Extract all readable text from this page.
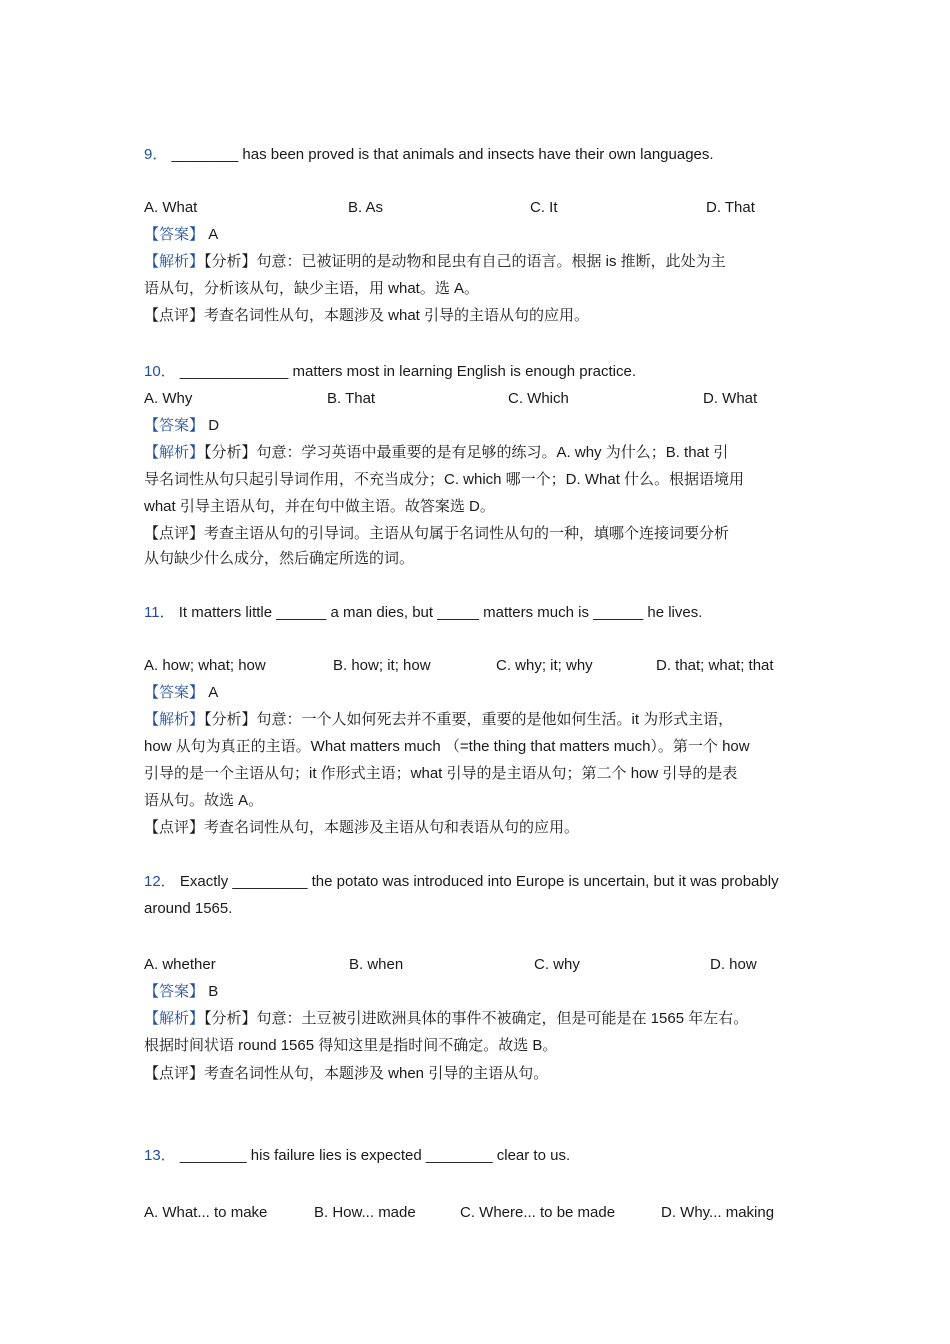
9． ________ has been proved is that animals and insects have their own languages.
A. What	B. As	C. It	D. That
【答案】 A
【解析】【分析】句意：已被证明的是动物和昆虫有自己的语言。根据 is 推断，此处为主
语从句，分析该从句，缺少主语，用 what。选 A。
【点评】考查名词性从句，本题涉及 what 引导的主语从句的应用。
10． _____________ matters most in learning English is enough practice.
A. Why	B. That	C. Which	D. What
【答案】 D
【解析】【分析】句意：学习英语中最重要的是有足够的练习。A. why 为什么；B. that 引
导名词性从句只起引导词作用，不充当成分；C. which 哪一个；D. What 什么。根据语境用
what 引导主语从句，并在句中做主语。故答案选 D。
【点评】考查主语从句的引导词。主语从句属于名词性从句的一种，填哪个连接词要分析
从句缺少什么成分，然后确定所选的词。
11． It matters little ______ a man dies, but _____ matters much is ______ he lives.
A. how; what; how	B. how; it; how	C. why; it; why	D. that; what; that
【答案】 A
【解析】【分析】句意：一个人如何死去并不重要，重要的是他如何生活。it 为形式主语，
how 从句为真正的主语。What matters much （=the thing that matters much）。第一个 how
引导的是一个主语从句；it 作形式主语；what 引导的是主语从句；第二个 how 引导的是表
语从句。故选 A。
【点评】考查名词性从句，本题涉及主语从句和表语从句的应用。
12． Exactly _________ the potato was introduced into Europe is uncertain, but it was probably
around 1565.
A. whether	B. when	C. why	D. how
【答案】 B
【解析】【分析】句意：土豆被引进欧洲具体的事件不被确定，但是可能是在 1565 年左右。
根据时间状语 round 1565 得知这里是指时间不确定。故选 B。
【点评】考查名词性从句，本题涉及 when 引导的主语从句。
13． ________ his failure lies is expected ________ clear to us.
A. What... to make	B. How... made	C. Where... to be made	D. Why... making
